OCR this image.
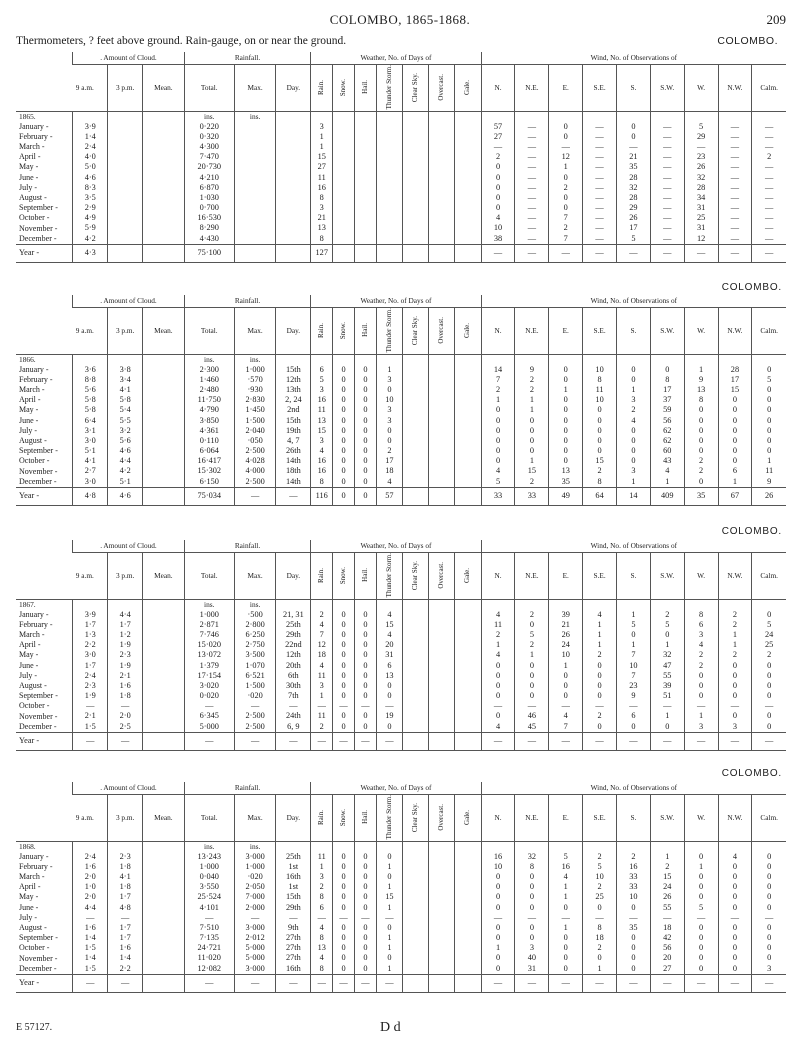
COLOMBO, 1865-1868.	209
Thermometers, ? feet above ground. Rain-gauge, on or near the ground.	COLOMBO.
	. Amount of Cloud.			Rainfall.			Weather, No. of Days of							Wind, No. of Observations of								
	9 a.m.	3 p.m.	Mean.	Total.	Max.	Day.	Rain.	Snow.	Hail.	Thunder Storm.	Clear Sky.	Overcast.	Gale.	N.	N.E.	E.	S.E.	S.	S.W.	W.	N.W.	Calm.
1865.				ins.	ins.																	
January -	3·9			0·220			3							57	—	0	—	0	—	5	—	—
February -	1·4			0·320			1							27	—	0	—	0	—	29	—	—
March -	2·4			4·300			1							—	—	—	—	—	—	—	—	—
April -	4·0			7·470			15							2	—	12	—	21	—	23	—	2
May -	5·0			20·730			27							0	—	1	—	35	—	26	—	—
June -	4·6			4·210			11							0	—	0	—	28	—	32	—	—
July -	8·3			6·870			16							0	—	2	—	32	—	28	—	—
August -	3·5			1·030			8							0	—	0	—	28	—	34	—	—
September -	2·9			0·700			3							0	—	0	—	29	—	31	—	—
October -	4·9			16·530			21							4	—	7	—	26	—	25	—	—
November -	5·9			8·290			13							10	—	2	—	17	—	31	—	—
December -	4·2			4·430			8							38	—	7	—	5	—	12	—	—
Year -	4·3			75·100			127							—	—	—	—	—	—	—	—	—
	. Amount of Cloud.			Rainfall.			Weather, No. of Days of							Wind, No. of Observations of								
	9 a.m.	3 p.m.	Mean.	Total.	Max.	Day.	Rain.	Snow.	Hail.	Thunder Storm.	Clear Sky.	Overcast.	Gale.	N.	N.E.	E.	S.E.	S.	S.W.	W.	N.W.	Calm.
1866.				ins.	ins.																	
January -	3·6	3·8		2·300	1·000	15th	6	0	0	1				14	9	0	10	0	0	1	28	0
February -	8·8	3·4		1·460	·570	12th	5	0	0	3				7	2	0	8	0	8	9	17	5
March -	5·6	4·1		2·480	·930	13th	3	0	0	0				2	2	1	11	1	17	13	15	0
April -	5·8	5·8		11·750	2·830	2, 24	16	0	0	10				1	1	0	10	3	37	8	0	0
May -	5·8	5·4		4·790	1·450	2nd	11	0	0	3				0	1	0	0	2	59	0	0	0
June -	6·4	5·5		3·850	1·500	15th	13	0	0	3				0	0	0	0	4	56	0	0	0
July -	3·1	3·2		4·361	2·040	19th	15	0	0	0				0	0	0	0	0	62	0	0	0
August -	3·0	5·6		0·110	·050	4, 7	3	0	0	0				0	0	0	0	0	62	0	0	0
September -	5·1	4·6		6·064	2·500	26th	4	0	0	2				0	0	0	0	0	60	0	0	0
October -	4·1	4·4		16·417	4·028	14th	16	0	0	17				0	1	0	15	0	43	2	0	1
November -	2·7	4·2		15·302	4·000	18th	16	0	0	18				4	15	13	2	3	4	2	6	11
December -	3·0	5·1		6·150	2·500	14th	8	0	0	4				5	2	35	8	1	1	0	1	9
Year -	4·8	4·6		75·034	—	—	116	0	0	57				33	33	49	64	14	409	35	67	26
	. Amount of Cloud.			Rainfall.			Weather, No. of Days of							Wind, No. of Observations of								
	9 a.m.	3 p.m.	Mean.	Total.	Max.	Day.	Rain.	Snow.	Hail.	Thunder Storm.	Clear Sky.	Overcast.	Gale.	N.	N.E.	E.	S.E.	S.	S.W.	W.	N.W.	Calm.
1867.				ins.	ins.																	
January -	3·9	4·4		1·000	·500	21, 31	2	0	0	4				4	2	39	4	1	2	8	2	0
February -	1·7	1·7		2·871	2·800	25th	4	0	0	15				11	0	21	1	5	5	6	2	5
March -	1·3	1·2		7·746	6·250	29th	7	0	0	4				2	5	26	1	0	0	3	1	24
April -	2·2	1·9		15·020	2·750	22nd	12	0	0	20				1	2	24	1	1	1	4	1	25
May -	3·0	2·3		13·072	3·500	12th	18	0	0	31				4	1	10	2	7	32	2	2	2
June -	1·7	1·9		1·379	1·070	20th	4	0	0	6				0	0	1	0	10	47	2	0	0
July -	2·4	2·1		17·154	6·521	6th	11	0	0	13				0	0	0	0	7	55	0	0	0
August -	2·3	1·6		3·020	1·500	30th	3	0	0	0				0	0	0	0	23	39	0	0	0
September -	1·9	1·8		0·020	·020	7th	1	0	0	0				0	0	0	0	9	51	0	0	0
October -	—	—		—	—	—	—	—	—	—				—	—	—	—	—	—	—	—	—
November -	2·1	2·0		6·345	2·500	24th	11	0	0	19				0	46	4	2	6	1	1	0	0
December -	1·5	2·5		5·000	2·500	6, 9	2	0	0	0				4	45	7	0	0	0	3	3	0
Year -	—	—		—	—	—	—	—	—	—				—	—	—	—	—	—	—	—	—
	. Amount of Cloud.			Rainfall.			Weather, No. of Days of							Wind, No. of Observations of								
	9 a.m.	3 p.m.	Mean.	Total.	Max.	Day.	Rain.	Snow.	Hail.	Thunder Storm.	Clear Sky.	Overcast.	Gale.	N.	N.E.	E.	S.E.	S.	S.W.	W.	N.W.	Calm.
1868.				ins.	ins.																	
January -	2·4	2·3		13·243	3·000	25th	11	0	0	0				16	32	5	2	2	1	0	4	0
February -	1·6	1·8		1·000	1·000	1st	1	0	0	1				10	8	16	5	16	2	1	0	0
March -	2·0	4·1		0·040	·020	16th	3	0	0	0				0	0	4	10	33	15	0	0	0
April -	1·0	1·8		3·550	2·050	1st	2	0	0	1				0	0	1	2	33	24	0	0	0
May -	2·0	1·7		25·524	7·000	15th	8	0	0	15				0	0	1	25	10	26	0	0	0
June -	4·4	4·8		4·101	2·000	29th	6	0	0	1				0	0	0	0	0	55	5	0	0
July -	—	—		—	—	—	—	—	—	—				—	—	—	—	—	—	—	—	—
August -	1·6	1·7		7·510	3·000	9th	4	0	0	0				0	0	1	8	35	18	0	0	0
September -	1·4	1·7		7·135	2·012	27th	8	0	0	1				0	0	0	18	0	42	0	0	0
October -	1·5	1·6		24·721	5·000	27th	13	0	0	1				1	3	0	2	0	56	0	0	0
November -	1·4	1·4		11·020	5·000	27th	4	0	0	0				0	40	0	0	0	20	0	0	0
December -	1·5	2·2		12·082	3·000	16th	8	0	0	1				0	31	0	1	0	27	0	0	3
Year -	—	—		—	—	—	—	—	—	—				—	—	—	—	—	—	—	—	—
COLOMBO.
COLOMBO.
COLOMBO.
E 57127.	D d
